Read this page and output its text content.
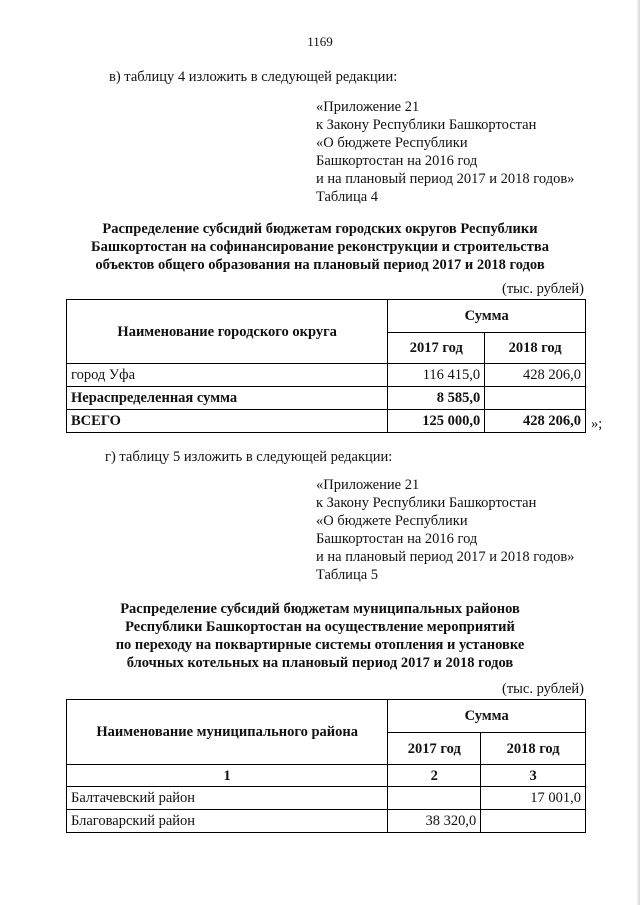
1169
в) таблицу 4 изложить в следующей редакции:
«Приложение 21
к Закону Республики Башкортостан
«О бюджете Республики
Башкортостан на 2016 год
и на плановый период 2017 и 2018 годов»
Таблица 4
Распределение субсидий бюджетам городских округов Республики
Башкортостан на софинансирование реконструкции и строительства
объектов общего образования на плановый период 2017 и 2018 годов
(тыс. рублей)
Наименование городского округа	Сумма	
	2017 год	2018 год
город Уфа	116 415,0	428 206,0
Нераспределенная сумма	8 585,0	
ВСЕГО	125 000,0	428 206,0 »;
г) таблицу 5 изложить в следующей редакции:
«Приложение 21
к Закону Республики Башкортостан
«О бюджете Республики
Башкортостан на 2016 год
и на плановый период 2017 и 2018 годов»
Таблица 5
Распределение субсидий бюджетам муниципальных районов
Республики Башкортостан на осуществление мероприятий
по переходу на поквартирные системы отопления и установке
блочных котельных на плановый период 2017 и 2018 годов
(тыс. рублей)
Наименование муниципального района	Сумма	
	2017 год	2018 год
1	2	3
Балтачевский район		17 001,0
Благоварский район	38 320,0	
